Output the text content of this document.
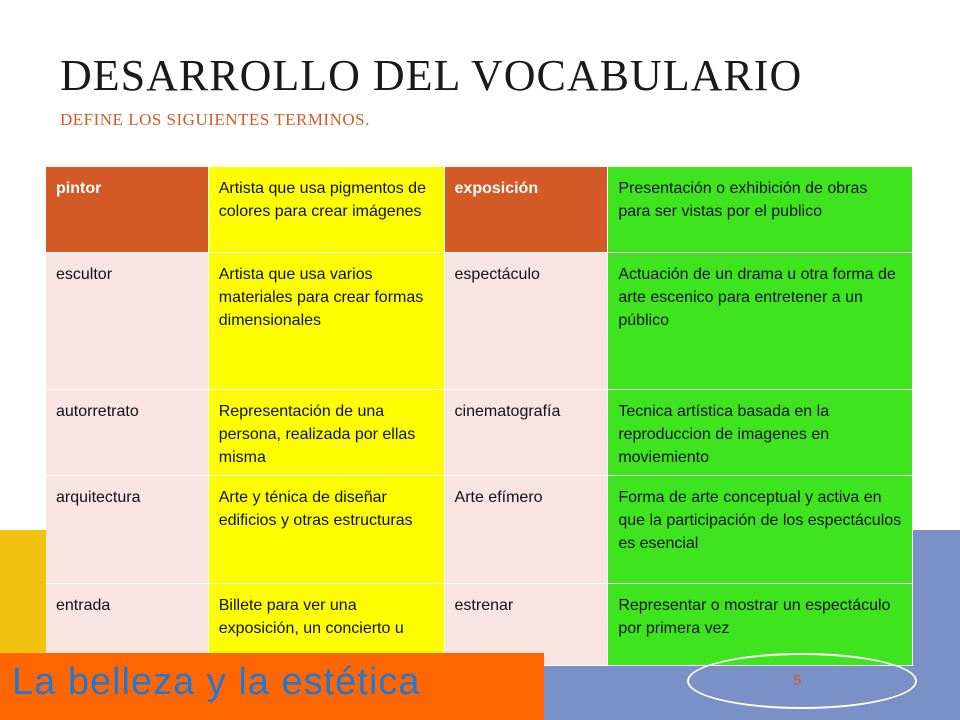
DESARROLLO DEL VOCABULARIO

DEFINE LOS SIGUIENTES TERMINOS.

pintor	Artista que usa pigmentos de colores para crear imágenes	exposición	Presentación o exhibición de obras para ser vistas por el publico
escultor	Artista que usa varios materiales para crear formas dimensionales	espectáculo	Actuación de un drama u otra forma de arte escenico para entretener a un público
autorretrato	Representación de una persona, realizada por ellas misma	cinematografía	Tecnica artística basada en la reproduccion de imagenes en moviemiento
arquitectura	Arte y ténica de diseñar edificios y otras estructuras	Arte efímero	Forma de arte conceptual y activa en que la participación de los espectáculos es esencial
entrada	Billete para ver una exposición, un concierto u	estrenar	Representar o mostrar un espectáculo por primera vez
La belleza y la estética	5
